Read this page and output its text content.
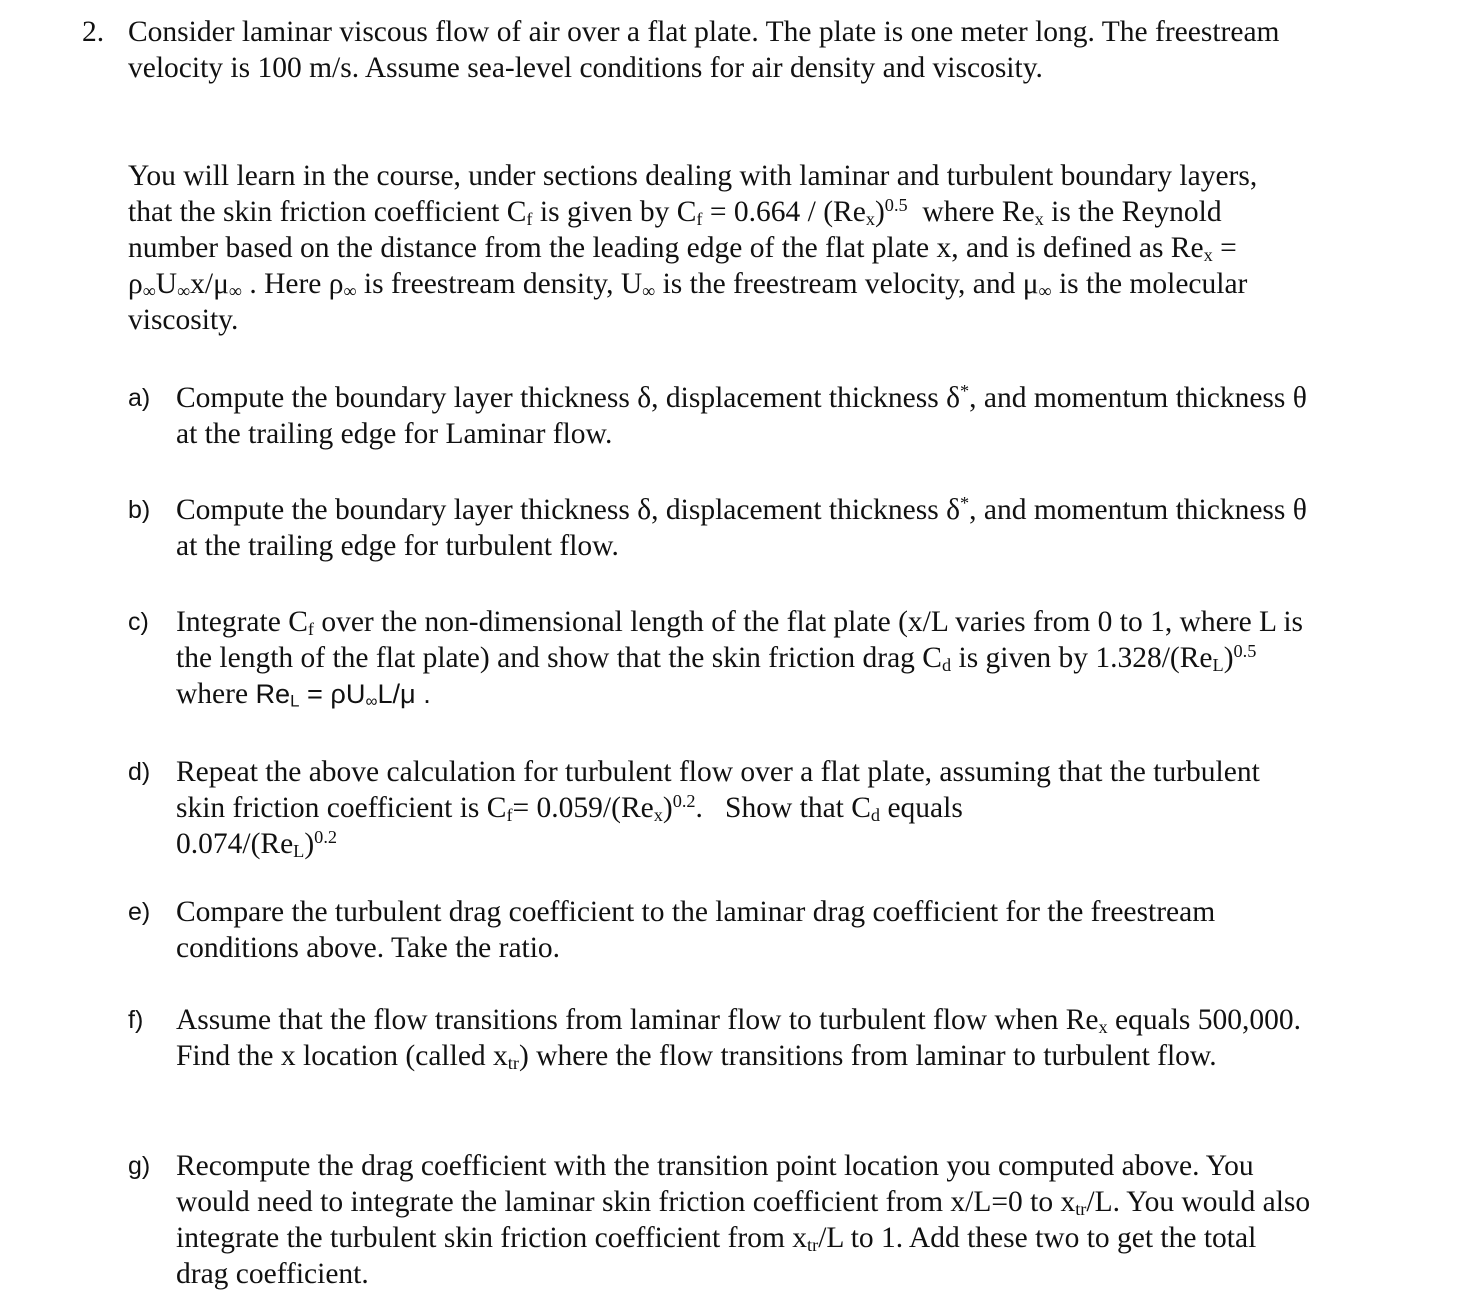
2. Consider laminar viscous flow of air over a flat plate. The plate is one meter long. The freestream velocity is 100 m/s. Assume sea-level conditions for air density and viscosity.
You will learn in the course, under sections dealing with laminar and turbulent boundary layers, that the skin friction coefficient $C_f$ is given by $C_f = 0.664 / (Re_x)^{0.5}$  where $Re_x$ is the Reynold number based on the distance from the leading edge of the flat plate x, and is defined as $Re_x = \rho_\infty U_\infty x/\mu_\infty$ . Here $\rho_\infty$ is freestream density, $U_\infty$ is the freestream velocity, and $\mu_\infty$ is the molecular viscosity.
a) Compute the boundary layer thickness δ, displacement thickness δ*, and momentum thickness θ at the trailing edge for Laminar flow.
b) Compute the boundary layer thickness δ, displacement thickness δ*, and momentum thickness θ at the trailing edge for turbulent flow.
c) Integrate $C_f$ over the non-dimensional length of the flat plate (x/L varies from 0 to 1, where L is the length of the flat plate) and show that the skin friction drag $C_d$ is given by $1.328/(Re_L)^{0.5}$ where $Re_L = \rho U_\infty L/\mu$ .
d) Repeat the above calculation for turbulent flow over a flat plate, assuming that the turbulent skin friction coefficient is $C_f= 0.059/(Re_x)^{0.2}$.   Show that $C_d$ equals
$0.074/(Re_L)^{0.2}$
e) Compare the turbulent drag coefficient to the laminar drag coefficient for the freestream conditions above. Take the ratio.
f) Assume that the flow transitions from laminar flow to turbulent flow when $Re_x$ equals 500,000. Find the x location (called $x_{tr}$) where the flow transitions from laminar to turbulent flow.
g) Recompute the drag coefficient with the transition point location you computed above. You would need to integrate the laminar skin friction coefficient from x/L=0 to $x_{tr}/L$. You would also integrate the turbulent skin friction coefficient from $x_{tr}/L$ to 1. Add these two to get the total drag coefficient.
